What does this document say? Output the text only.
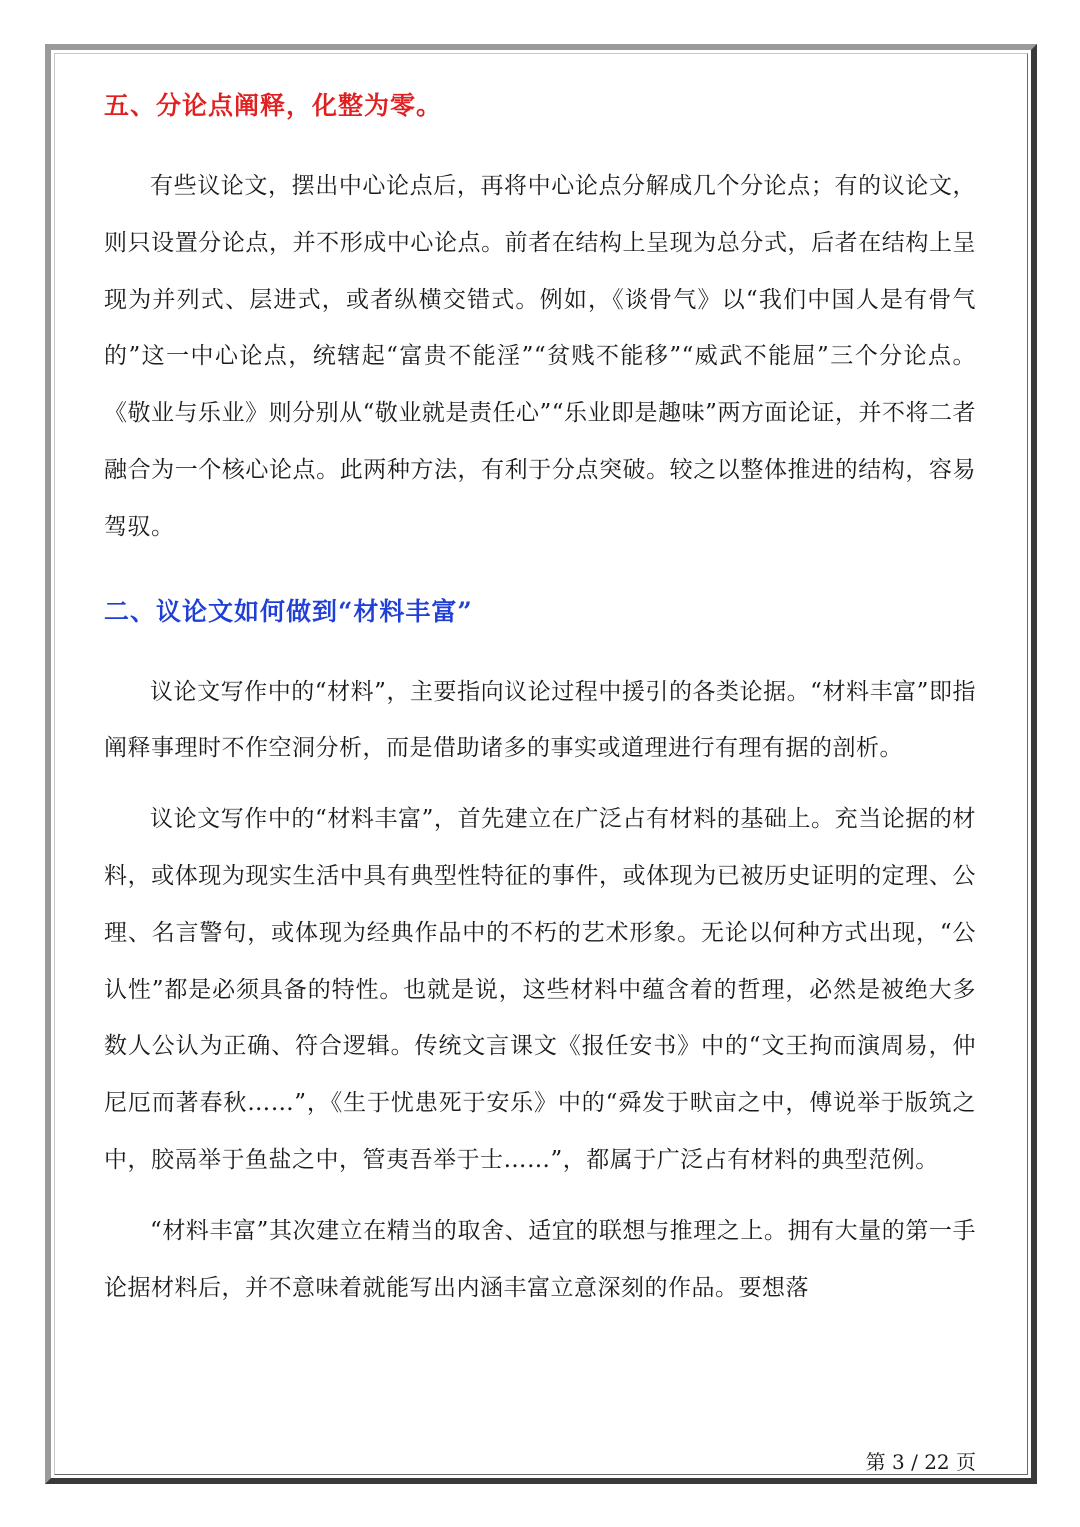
五、分论点阐释，化整为零。

有些议论文，摆出中心论点后，再将中心论点分解成几个分论点；有的议论文，则只设置分论点，并不形成中心论点。前者在结构上呈现为总分式，后者在结构上呈现为并列式、层进式，或者纵横交错式。例如，《谈骨气》以“我们中国人是有骨气的”这一中心论点，统辖起“富贵不能淫”“贫贱不能移”“威武不能屈”三个分论点。《敬业与乐业》则分别从“敬业就是责任心”“乐业即是趣味”两方面论证，并不将二者融合为一个核心论点。此两种方法，有利于分点突破。较之以整体推进的结构，容易驾驭。

二、议论文如何做到“材料丰富”

议论文写作中的“材料”，主要指向议论过程中援引的各类论据。“材料丰富”即指阐释事理时不作空洞分析，而是借助诸多的事实或道理进行有理有据的剖析。

议论文写作中的“材料丰富”，首先建立在广泛占有材料的基础上。充当论据的材料，或体现为现实生活中具有典型性特征的事件，或体现为已被历史证明的定理、公理、名言警句，或体现为经典作品中的不朽的艺术形象。无论以何种方式出现，“公认性”都是必须具备的特性。也就是说，这些材料中蕴含着的哲理，必然是被绝大多数人公认为正确、符合逻辑。传统文言课文《报任安书》中的“文王拘而演周易，仲尼厄而著春秋……”，《生于忧患死于安乐》中的“舜发于畎亩之中，傅说举于版筑之中，胶鬲举于鱼盐之中，管夷吾举于士……”，都属于广泛占有材料的典型范例。

“材料丰富”其次建立在精当的取舍、适宜的联想与推理之上。拥有大量的第一手论据材料后，并不意味着就能写出内涵丰富立意深刻的作品。要想落

第 3 / 22 页
